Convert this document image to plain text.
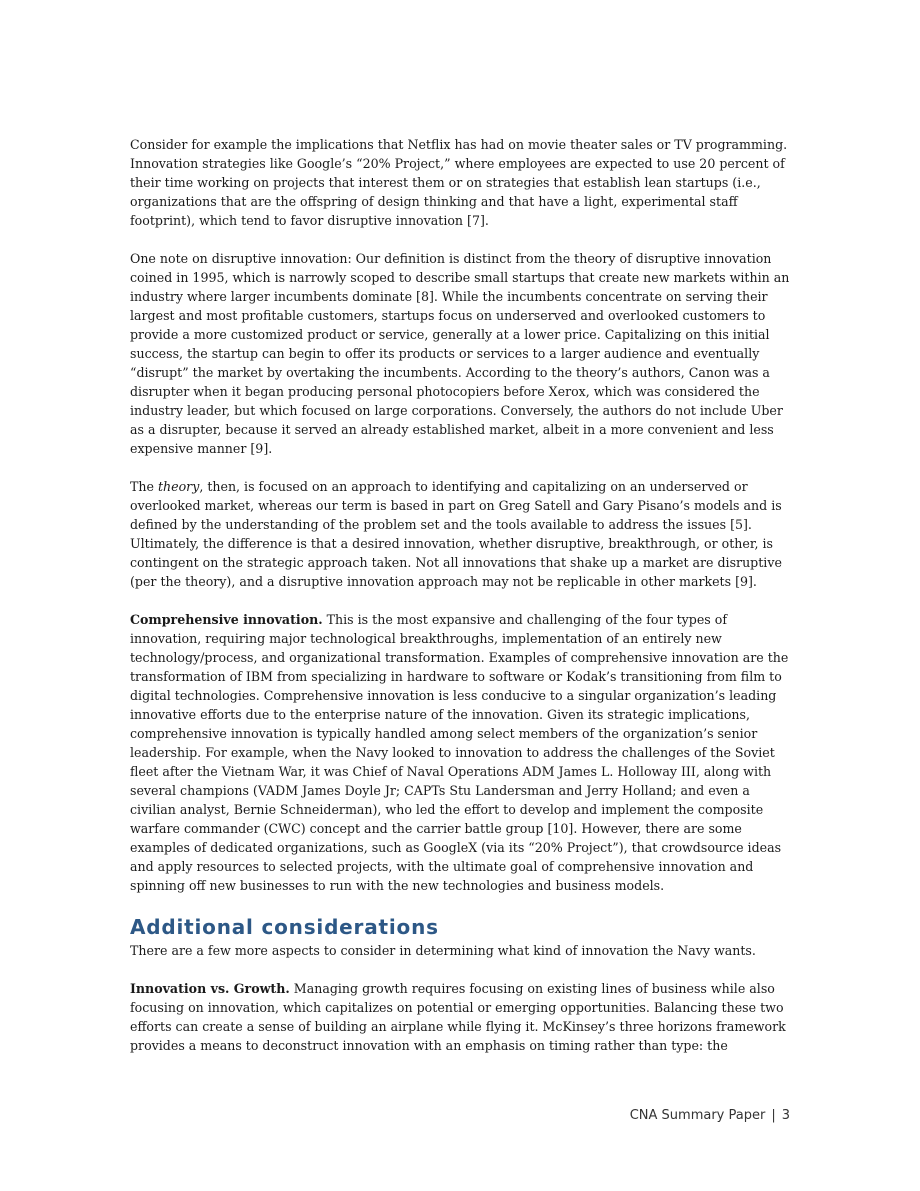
Consider for example the implications that Netflix has had on movie theater sales or TV programming. Innovation strategies like Google’s “20% Project,” where employees are expected to use 20 percent of their time working on projects that interest them or on strategies that establish lean startups (i.e., organizations that are the offspring of design thinking and that have a light, experimental staff footprint), which tend to favor disruptive innovation [7].

One note on disruptive innovation: Our definition is distinct from the theory of disruptive innovation coined in 1995, which is narrowly scoped to describe small startups that create new markets within an industry where larger incumbents dominate [8]. While the incumbents concentrate on serving their largest and most profitable customers, startups focus on underserved and overlooked customers to provide a more customized product or service, generally at a lower price. Capitalizing on this initial success, the startup can begin to offer its products or services to a larger audience and eventually “disrupt” the market by overtaking the incumbents. According to the theory’s authors, Canon was a disrupter when it began producing personal photocopiers before Xerox, which was considered the industry leader, but which focused on large corporations. Conversely, the authors do not include Uber as a disrupter, because it served an already established market, albeit in a more convenient and less expensive manner [9].

The theory, then, is focused on an approach to identifying and capitalizing on an underserved or overlooked market, whereas our term is based in part on Greg Satell and Gary Pisano’s models and is defined by the understanding of the problem set and the tools available to address the issues [5]. Ultimately, the difference is that a desired innovation, whether disruptive, breakthrough, or other, is contingent on the strategic approach taken. Not all innovations that shake up a market are disruptive (per the theory), and a disruptive innovation approach may not be replicable in other markets [9].

Comprehensive innovation. This is the most expansive and challenging of the four types of innovation, requiring major technological breakthroughs, implementation of an entirely new technology/process, and organizational transformation. Examples of comprehensive innovation are the transformation of IBM from specializing in hardware to software or Kodak’s transitioning from film to digital technologies. Comprehensive innovation is less conducive to a singular organization’s leading innovative efforts due to the enterprise nature of the innovation. Given its strategic implications, comprehensive innovation is typically handled among select members of the organization’s senior leadership. For example, when the Navy looked to innovation to address the challenges of the Soviet fleet after the Vietnam War, it was Chief of Naval Operations ADM James L. Holloway III, along with several champions (VADM James Doyle Jr; CAPTs Stu Landersman and Jerry Holland; and even a civilian analyst, Bernie Schneiderman), who led the effort to develop and implement the composite warfare commander (CWC) concept and the carrier battle group [10]. However, there are some examples of dedicated organizations, such as GoogleX (via its “20% Project”), that crowdsource ideas and apply resources to selected projects, with the ultimate goal of comprehensive innovation and spinning off new businesses to run with the new technologies and business models.

Additional considerations

There are a few more aspects to consider in determining what kind of innovation the Navy wants.

Innovation vs. Growth. Managing growth requires focusing on existing lines of business while also focusing on innovation, which capitalizes on potential or emerging opportunities. Balancing these two efforts can create a sense of building an airplane while flying it. McKinsey’s three horizons framework provides a means to deconstruct innovation with an emphasis on timing rather than type: the

CNA Summary Paper | 3
